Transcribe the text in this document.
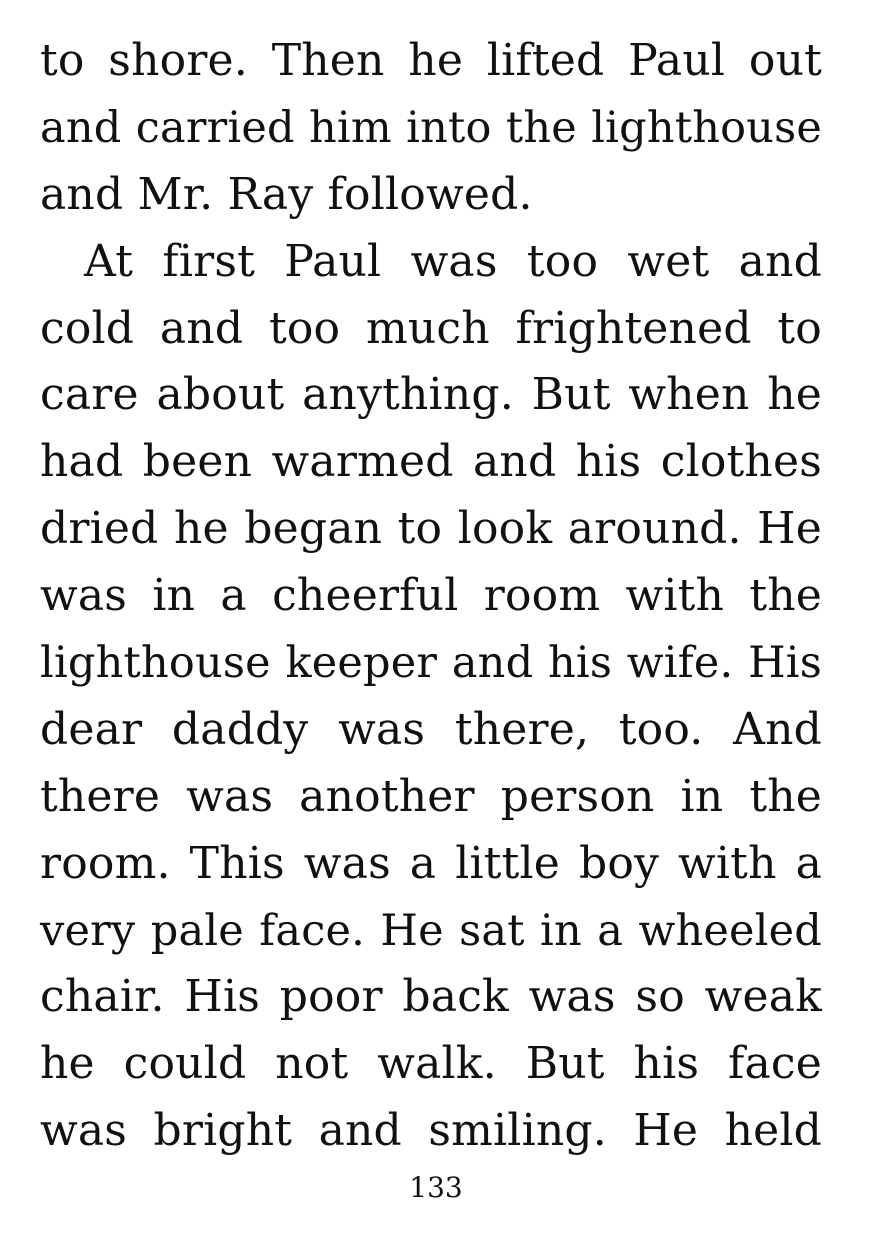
to shore. Then he lifted Paul out
and carried him into the lighthouse
and Mr. Ray followed.
At first Paul was too wet and
cold and too much frightened to
care about anything. But when he
had been warmed and his clothes
dried he began to look around. He
was in a cheerful room with the
lighthouse keeper and his wife. His
dear daddy was there, too. And
there was another person in the
room. This was a little boy with a
very pale face. He sat in a wheeled
chair. His poor back was so weak
he could not walk. But his face
was bright and smiling. He held
133
